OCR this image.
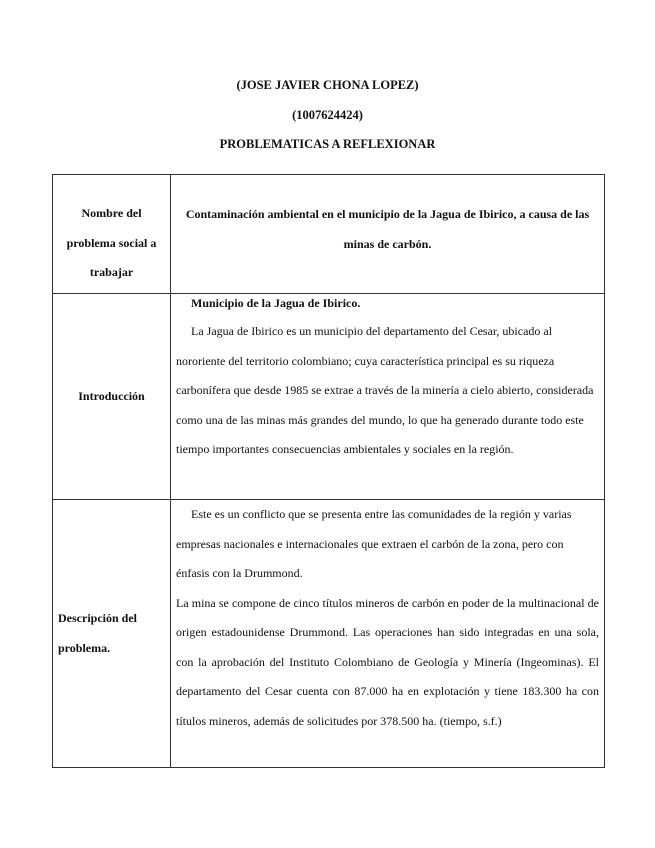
(JOSE JAVIER CHONA LOPEZ)
(1007624424)
PROBLEMATICAS A REFLEXIONAR
Nombre del problema social a trabajar	Contaminación ambiental en el municipio de la Jagua de Ibirico, a causa de las minas de carbón.

Introducción	Municipio de la Jagua de Ibirico.

La Jagua de Ibirico es un municipio del departamento del Cesar, ubicado al nororiente del territorio colombiano; cuya característica principal es su riqueza carbonífera que desde 1985 se extrae a través de la minería a cielo abierto, considerada como una de las minas más grandes del mundo, lo que ha generado durante todo este tiempo importantes consecuencias ambientales y sociales en la región.

Descripción del problema.	Este es un conflicto que se presenta entre las comunidades de la región y varias empresas nacionales e internacionales que extraen el carbón de la zona, pero con énfasis con la Drummond.

La mina se compone de cinco títulos mineros de carbón en poder de la multinacional de origen estadounidense Drummond. Las operaciones han sido integradas en una sola, con la aprobación del Instituto Colombiano de Geología y Minería (Ingeominas). El departamento del Cesar cuenta con 87.000 ha en explotación y tiene 183.300 ha con títulos mineros, además de solicitudes por 378.500 ha. (tiempo, s.f.)
